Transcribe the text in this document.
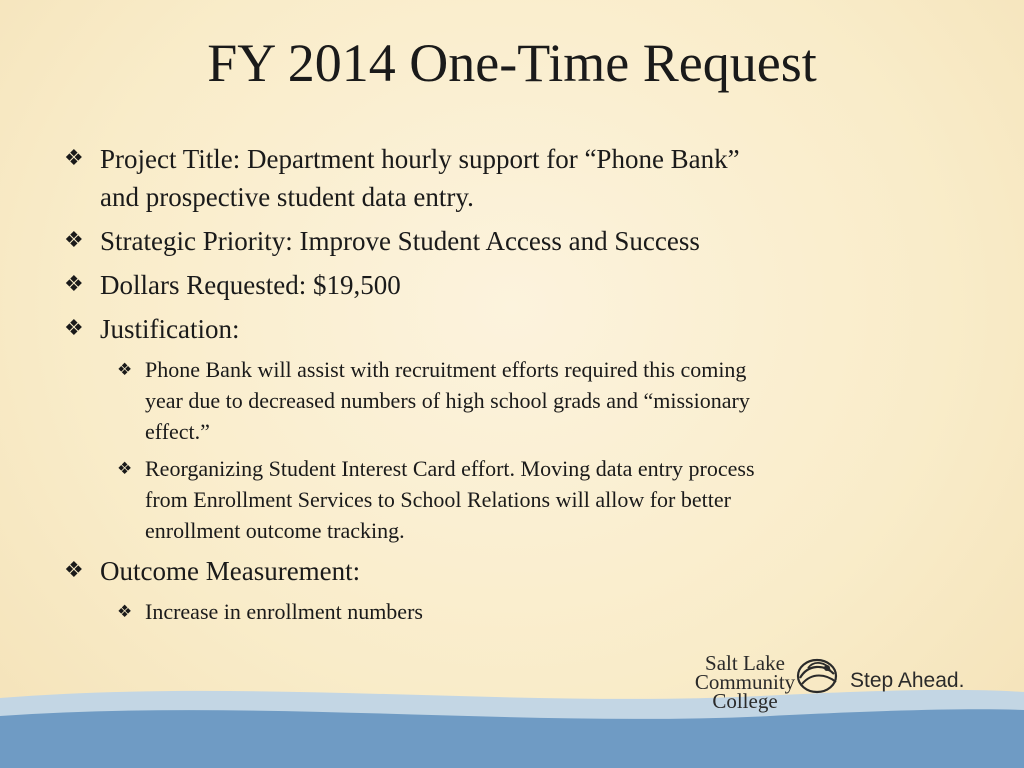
FY 2014 One-Time Request
❖ Project Title: Department hourly support for “Phone Bank”
and prospective student data entry.
❖ Strategic Priority: Improve Student Access and Success
❖ Dollars Requested: $19,500
❖ Justification:
❖ Phone Bank will assist with recruitment efforts required this coming
year due to decreased numbers of high school grads and “missionary
effect.”
❖ Reorganizing Student Interest Card effort. Moving data entry process
from Enrollment Services to School Relations will allow for better
enrollment outcome tracking.
❖ Outcome Measurement:
❖ Increase in enrollment numbers
Salt Lake
Community
College
Step Ahead.
